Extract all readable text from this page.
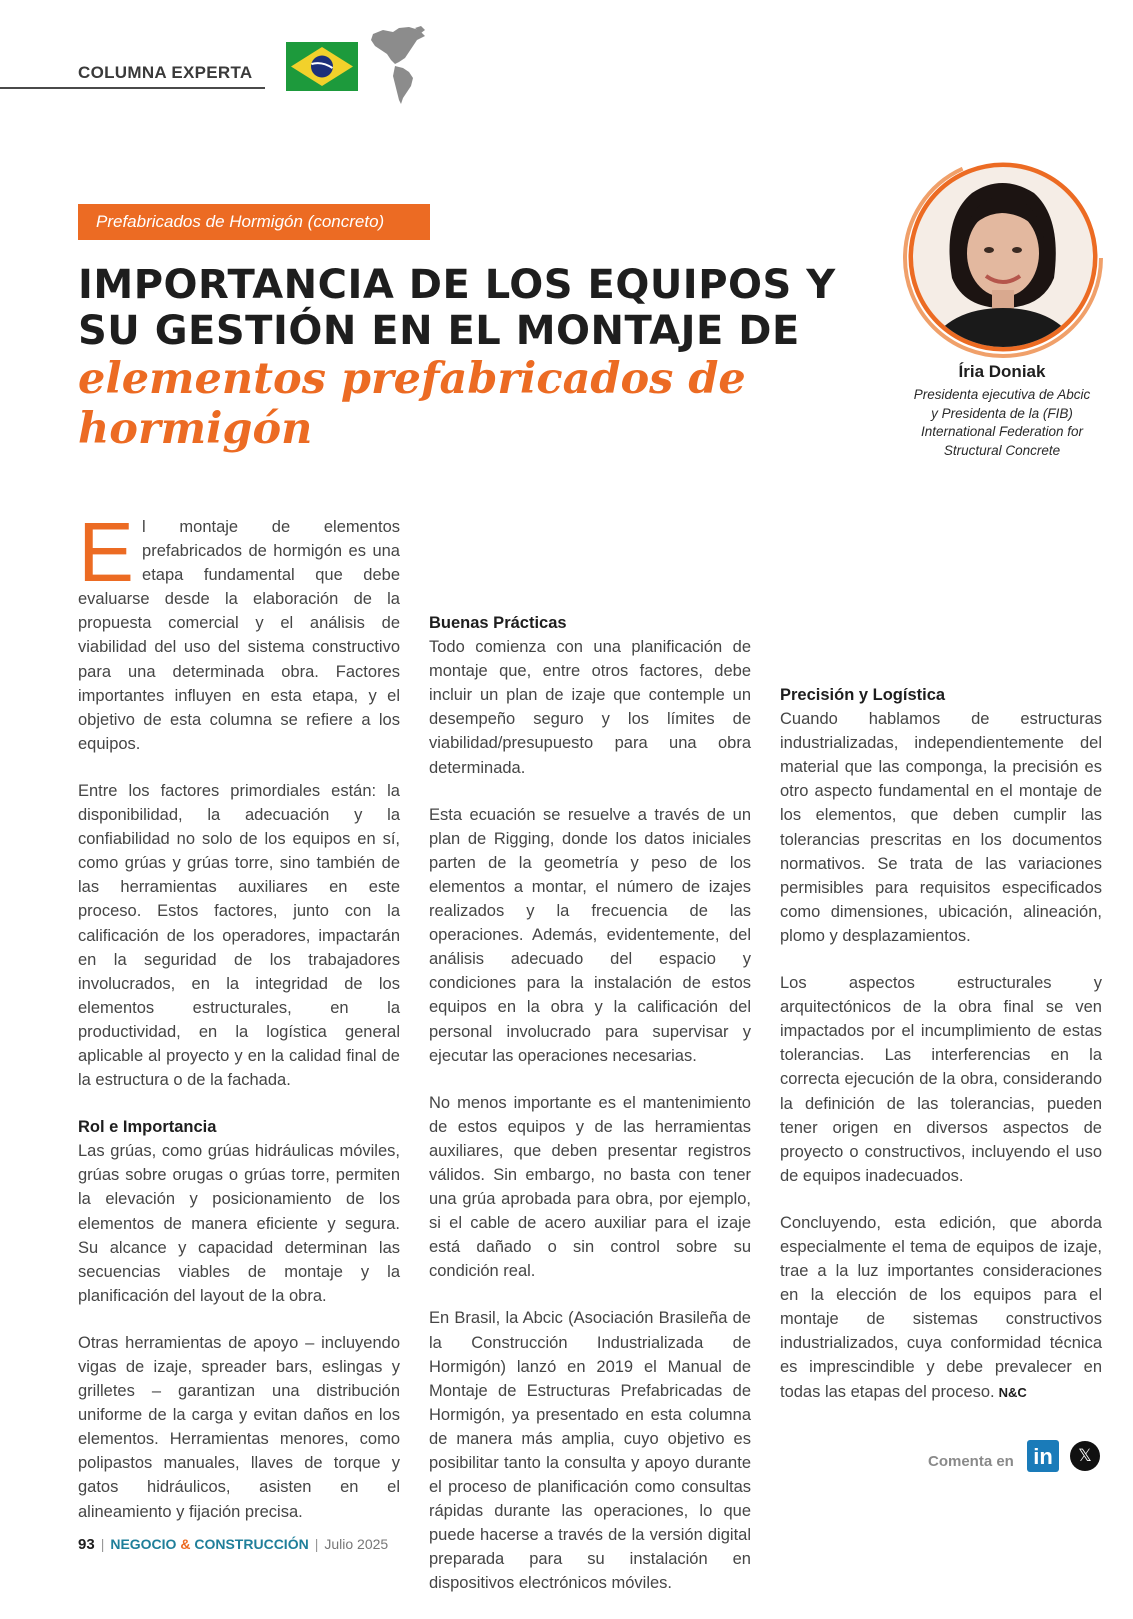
COLUMNA EXPERTA
Prefabricados de Hormigón (concreto)
IMPORTANCIA DE LOS EQUIPOS Y
SU GESTIÓN EN EL MONTAJE DE
elementos prefabricados de hormigón
Íria Doniak
Presidenta ejecutiva de Abcic
y Presidenta de la (FIB)
International Federation for
Structural Concrete

El montaje de elementos prefabricados de hormigón es una etapa fundamental que debe evaluarse desde la elaboración de la propuesta comercial y el análisis de viabilidad del uso del sistema constructivo para una determinada obra. Factores importantes influyen en esta etapa, y el objetivo de esta columna se refiere a los equipos.

Entre los factores primordiales están: la disponibilidad, la adecuación y la confiabilidad no solo de los equipos en sí, como grúas y grúas torre, sino también de las herramientas auxiliares en este proceso. Estos factores, junto con la calificación de los operadores, impactarán en la seguridad de los trabajadores involucrados, en la integridad de los elementos estructurales, en la productividad, en la logística general aplicable al proyecto y en la calidad final de la estructura o de la fachada.

Rol e Importancia

Las grúas, como grúas hidráulicas móviles, grúas sobre orugas o grúas torre, permiten la elevación y posicionamiento de los elementos de manera eficiente y segura. Su alcance y capacidad determinan las secuencias viables de montaje y la planificación del layout de la obra.

Otras herramientas de apoyo – incluyendo vigas de izaje, spreader bars, eslingas y grilletes – garantizan una distribución uniforme de la carga y evitan daños en los elementos. Herramientas menores, como polipastos manuales, llaves de torque y gatos hidráulicos, asisten en el alineamiento y fijación precisa.

Buenas Prácticas

Todo comienza con una planificación de montaje que, entre otros factores, debe incluir un plan de izaje que contemple un desempeño seguro y los límites de viabilidad/presupuesto para una obra determinada.

Esta ecuación se resuelve a través de un plan de Rigging, donde los datos iniciales parten de la geometría y peso de los elementos a montar, el número de izajes realizados y la frecuencia de las operaciones. Además, evidentemente, del análisis adecuado del espacio y condiciones para la instalación de estos equipos en la obra y la calificación del personal involucrado para supervisar y ejecutar las operaciones necesarias.

No menos importante es el mantenimiento de estos equipos y de las herramientas auxiliares, que deben presentar registros válidos. Sin embargo, no basta con tener una grúa aprobada para obra, por ejemplo, si el cable de acero auxiliar para el izaje está dañado o sin control sobre su condición real.

En Brasil, la Abcic (Asociación Brasileña de la Construcción Industrializada de Hormigón) lanzó en 2019 el Manual de Montaje de Estructuras Prefabricadas de Hormigón, ya presentado en esta columna de manera más amplia, cuyo objetivo es posibilitar tanto la consulta y apoyo durante el proceso de planificación como consultas rápidas durante las operaciones, lo que puede hacerse a través de la versión digital preparada para su instalación en dispositivos electrónicos móviles.

Precisión y Logística

Cuando hablamos de estructuras industrializadas, independientemente del material que las componga, la precisión es otro aspecto fundamental en el montaje de los elementos, que deben cumplir las tolerancias prescritas en los documentos normativos. Se trata de las variaciones permisibles para requisitos especificados como dimensiones, ubicación, alineación, plomo y desplazamientos.

Los aspectos estructurales y arquitectónicos de la obra final se ven impactados por el incumplimiento de estas tolerancias. Las interferencias en la correcta ejecución de la obra, considerando la definición de las tolerancias, pueden tener origen en diversos aspectos de proyecto o constructivos, incluyendo el uso de equipos inadecuados.

Concluyendo, esta edición, que aborda especialmente el tema de equipos de izaje, trae a la luz importantes consideraciones en la elección de los equipos para el montaje de sistemas constructivos industrializados, cuya conformidad técnica es imprescindible y debe prevalecer en todas las etapas del proceso. N&C

Comenta en in	𝕏
93 | NEGOCIO & CONSTRUCCIÓN | Julio 2025
